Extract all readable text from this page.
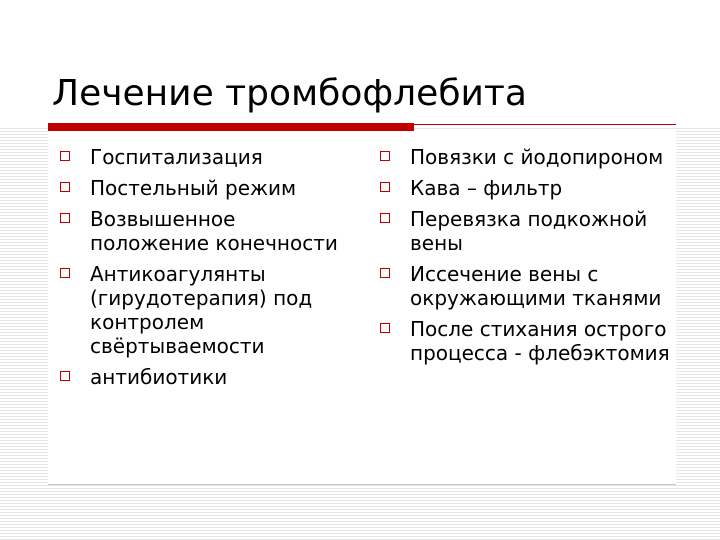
Лечение тромбофлебита
Госпитализация
Постельный режим
Возвышенное положение конечности
Антикоагулянты (гирудотерапия) под контролем свёртываемости
антибиотики
Повязки с йодопироном
Кава – фильтр
Перевязка подкожной вены
Иссечение вены с окружающими тканями
После стихания острого процесса - флебэктомия
